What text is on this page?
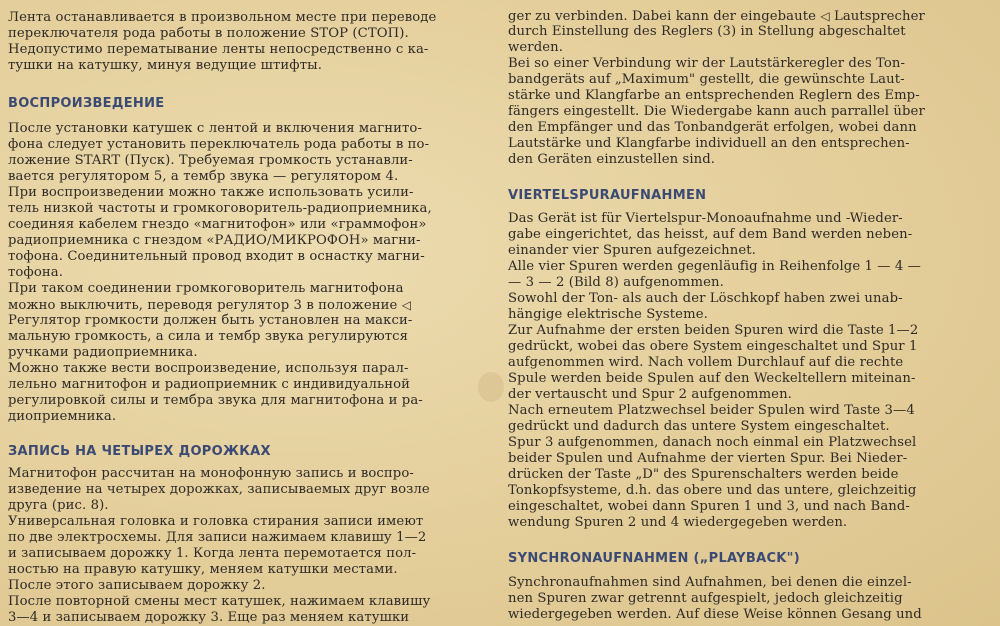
Лента останавливается в произвольном месте при переводе
переключателя рода работы в положение STOP (СТОП).
Недопустимо перематывание ленты непосредственно с ка-
тушки на катушку, минуя ведущие штифты.
ВОСПРОИЗВЕДЕНИЕ
После установки катушек с лентой и включения магнито-
фона следует установить переключатель рода работы в по-
ложение START (Пуск). Требуемая громкость устанавли-
вается регулятором 5, а тембр звука — регулятором 4.
При воспроизведении можно также использовать усили-
тель низкой частоты и громкоговоритель-радиоприемника,
соединяя кабелем гнездо «магнитофон» или «граммофон»
радиоприемника с гнездом «РАДИО/МИКРОФОН» магни-
тофона. Соединительный провод входит в оснастку магни-
тофона.
При таком соединении громкоговоритель магнитофона
можно выключить, переводя регулятор 3 в положение ◁
Регулятор громкости должен быть установлен на макси-
мальную громкость, а сила и тембр звука регулируются
ручками радиоприемника.
Можно также вести воспроизведение, используя парал-
лельно магнитофон и радиоприемник с индивидуальной
регулировкой силы и тембра звука для магнитофона и ра-
диоприемника.
ЗАПИСЬ НА ЧЕТЫРЕХ ДОРОЖКАХ
Магнитофон рассчитан на монофонную запись и воспро-
изведение на четырех дорожках, записываемых друг возле
друга (рис. 8).
Универсальная головка и головка стирания записи имеют
по две электросхемы. Для записи нажимаем клавишу 1—2
и записываем дорожку 1. Когда лента перемотается пол-
ностью на правую катушку, меняем катушки местами.
После этого записываем дорожку 2.
После повторной смены мест катушек, нажимаем клавишу
3—4 и записываем дорожку 3. Еще раз меняем катушки
ger zu verbinden. Dabei kann der eingebaute ◁ Lautsprecher
durch Einstellung des Reglers (3) in Stellung abgeschaltet
werden.
Bei so einer Verbindung wir der Lautstärkeregler des Ton-
bandgeräts auf „Maximum" gestellt, die gewünschte Laut-
stärke und Klangfarbe an entsprechenden Reglern des Emp-
fängers eingestellt. Die Wiedergabe kann auch parrallel über
den Empfänger und das Tonbandgerät erfolgen, wobei dann
Lautstärke und Klangfarbe individuell an den entsprechen-
den Geräten einzustellen sind.
VIERTELSPURAUFNAHMEN
Das Gerät ist für Viertelspur-Monoaufnahme und -Wieder-
gabe eingerichtet, das heisst, auf dem Band werden neben-
einander vier Spuren aufgezeichnet.
Alle vier Spuren werden gegenläufig in Reihenfolge 1 — 4 —
— 3 — 2 (Bild 8) aufgenommen.
Sowohl der Ton- als auch der Löschkopf haben zwei unab-
hängige elektrische Systeme.
Zur Aufnahme der ersten beiden Spuren wird die Taste 1—2
gedrückt, wobei das obere System eingeschaltet und Spur 1
aufgenommen wird. Nach vollem Durchlauf auf die rechte
Spule werden beide Spulen auf den Weckeltellern miteinan-
der vertauscht und Spur 2 aufgenommen.
Nach erneutem Platzwechsel beider Spulen wird Taste 3—4
gedrückt und dadurch das untere System eingeschaltet.
Spur 3 aufgenommen, danach noch einmal ein Platzwechsel
beider Spulen und Aufnahme der vierten Spur. Bei Nieder-
drücken der Taste „D" des Spurenschalters werden beide
Tonkopfsysteme, d.h. das obere und das untere, gleichzeitig
eingeschaltet, wobei dann Spuren 1 und 3, und nach Band-
wendung Spuren 2 und 4 wiedergegeben werden.
SYNCHRONAUFNAHMEN („PLAYBACK")
Synchronaufnahmen sind Aufnahmen, bei denen die einzel-
nen Spuren zwar getrennt aufgespielt, jedoch gleichzeitig
wiedergegeben werden. Auf diese Weise können Gesang und
